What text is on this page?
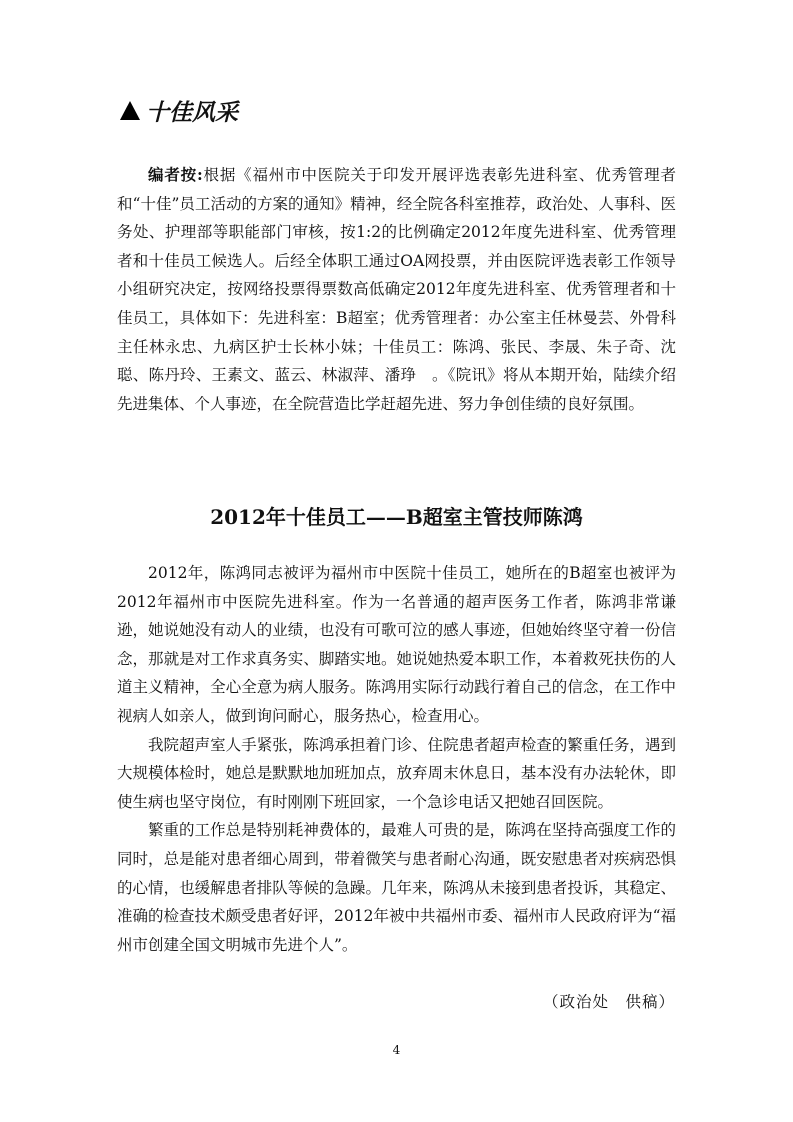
十佳风采

编者按:根据《福州市中医院关于印发开展评选表彰先进科室、优秀管理者和“十佳”员工活动的方案的通知》精神，经全院各科室推荐，政治处、人事科、医务处、护理部等职能部门审核，按1:2的比例确定2012年度先进科室、优秀管理者和十佳员工候选人。后经全体职工通过OA网投票，并由医院评选表彰工作领导小组研究决定，按网络投票得票数高低确定2012年度先进科室、优秀管理者和十佳员工，具体如下：先进科室：B超室；优秀管理者：办公室主任林曼芸、外骨科主任林永忠、九病区护士长林小妹；十佳员工：陈鸿、张民、李晟、朱子奇、沈聪、陈丹玲、王素文、蓝云、林淑萍、潘琤　。《院讯》将从本期开始，陆续介绍先进集体、个人事迹，在全院营造比学赶超先进、努力争创佳绩的良好氛围。

2012年十佳员工——B超室主管技师陈鸿

2012年，陈鸿同志被评为福州市中医院十佳员工，她所在的B超室也被评为2012年福州市中医院先进科室。作为一名普通的超声医务工作者，陈鸿非常谦逊，她说她没有动人的业绩，也没有可歌可泣的感人事迹，但她始终坚守着一份信念，那就是对工作求真务实、脚踏实地。她说她热爱本职工作，本着救死扶伤的人道主义精神，全心全意为病人服务。陈鸿用实际行动践行着自己的信念，在工作中视病人如亲人，做到询问耐心，服务热心，检查用心。

我院超声室人手紧张，陈鸿承担着门诊、住院患者超声检查的繁重任务，遇到大规模体检时，她总是默默地加班加点，放弃周末休息日，基本没有办法轮休，即使生病也坚守岗位，有时刚刚下班回家，一个急诊电话又把她召回医院。

繁重的工作总是特别耗神费体的，最难人可贵的是，陈鸿在坚持高强度工作的同时，总是能对患者细心周到，带着微笑与患者耐心沟通，既安慰患者对疾病恐惧的心情，也缓解患者排队等候的急躁。几年来，陈鸿从未接到患者投诉，其稳定、准确的检查技术颇受患者好评，2012年被中共福州市委、福州市人民政府评为“福州市创建全国文明城市先进个人”。

（政治处　供稿）
4
